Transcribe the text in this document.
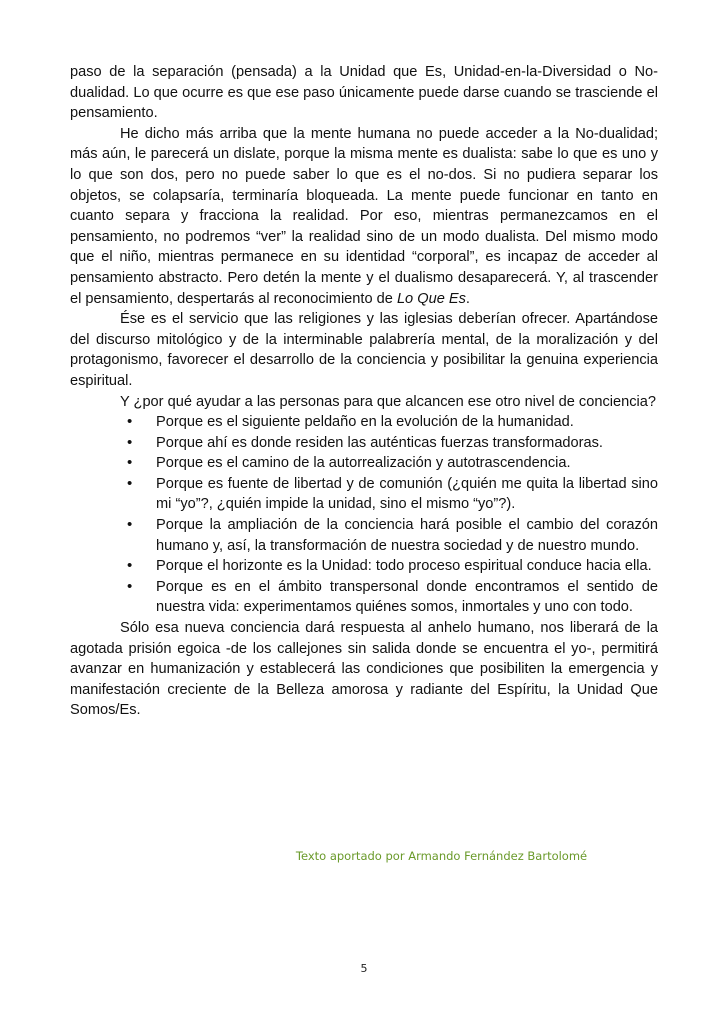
paso de la separación (pensada) a la Unidad que Es, Unidad-en-la-Diversidad o No-dualidad. Lo que ocurre es que ese paso únicamente puede darse cuando se trasciende el pensamiento.

He dicho más arriba que la mente humana no puede acceder a la No-dualidad; más aún, le parecerá un dislate, porque la misma mente es dualista: sabe lo que es uno y lo que son dos, pero no puede saber lo que es el no-dos. Si no pudiera separar los objetos, se colapsaría, terminaría bloqueada. La mente puede funcionar en tanto en cuanto separa y fracciona la realidad. Por eso, mientras permanezcamos en el pensamiento, no podremos “ver” la realidad sino de un modo dualista. Del mismo modo que el niño, mientras permanece en su identidad “corporal”, es incapaz de acceder al pensamiento abstracto. Pero detén la mente y el dualismo desaparecerá. Y, al trascender el pensamiento, despertarás al reconocimiento de Lo Que Es.

Ése es el servicio que las religiones y las iglesias deberían ofrecer. Apartándose del discurso mitológico y de la interminable palabrería mental, de la moralización y del protagonismo, favorecer el desarrollo de la conciencia y posibilitar la genuina experiencia espiritual.

Y ¿por qué ayudar a las personas para que alcancen ese otro nivel de conciencia?

• Porque es el siguiente peldaño en la evolución de la humanidad.
• Porque ahí es donde residen las auténticas fuerzas transformadoras.
• Porque es el camino de la autorrealización y autotrascendencia.
• Porque es fuente de libertad y de comunión (¿quién me quita la libertad sino mi “yo”?, ¿quién impide la unidad, sino el mismo “yo”?).
• Porque la ampliación de la conciencia hará posible el cambio del corazón humano y, así, la transformación de nuestra sociedad y de nuestro mundo.
• Porque el horizonte es la Unidad: todo proceso espiritual conduce hacia ella.
• Porque es en el ámbito transpersonal donde encontramos el sentido de nuestra vida: experimentamos quiénes somos, inmortales y uno con todo.

Sólo esa nueva conciencia dará respuesta al anhelo humano, nos liberará de la agotada prisión egoica -de los callejones sin salida donde se encuentra el yo-, permitirá avanzar en humanización y establecerá las condiciones que posibiliten la emergencia y manifestación creciente de la Belleza amorosa y radiante del Espíritu, la Unidad Que Somos/Es.

Texto aportado por Armando Fernández Bartolomé
5
